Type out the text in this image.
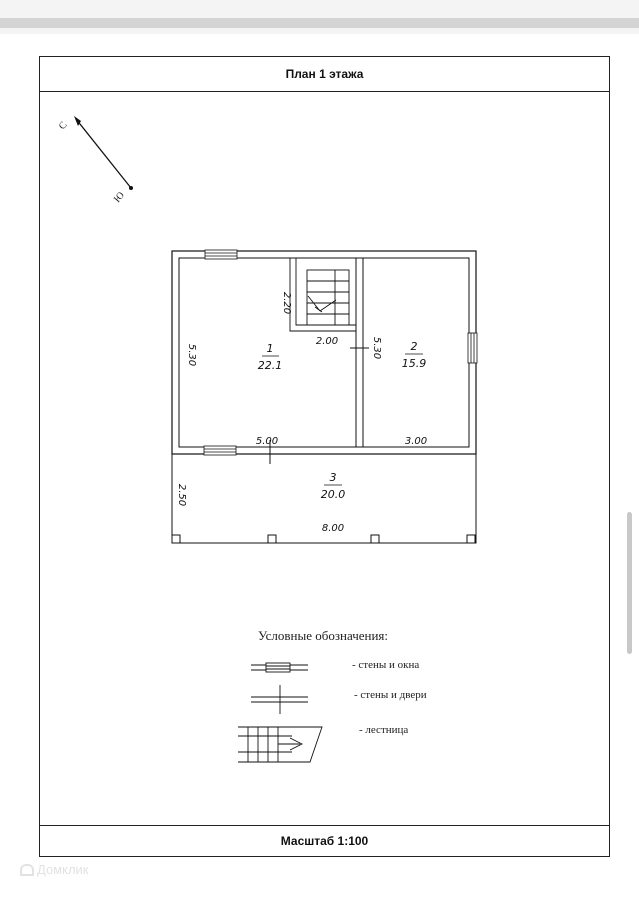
План 1 этажа
Масштаб 1:100
С
Ю
5.30	5.30
2.20
2.00
5.00	3.00
2.50
8.00
1
22.1
2
15.9
3
20.0
Условные обозначения:
- стены и окна
- стены и двери
- лестница
Домклик
